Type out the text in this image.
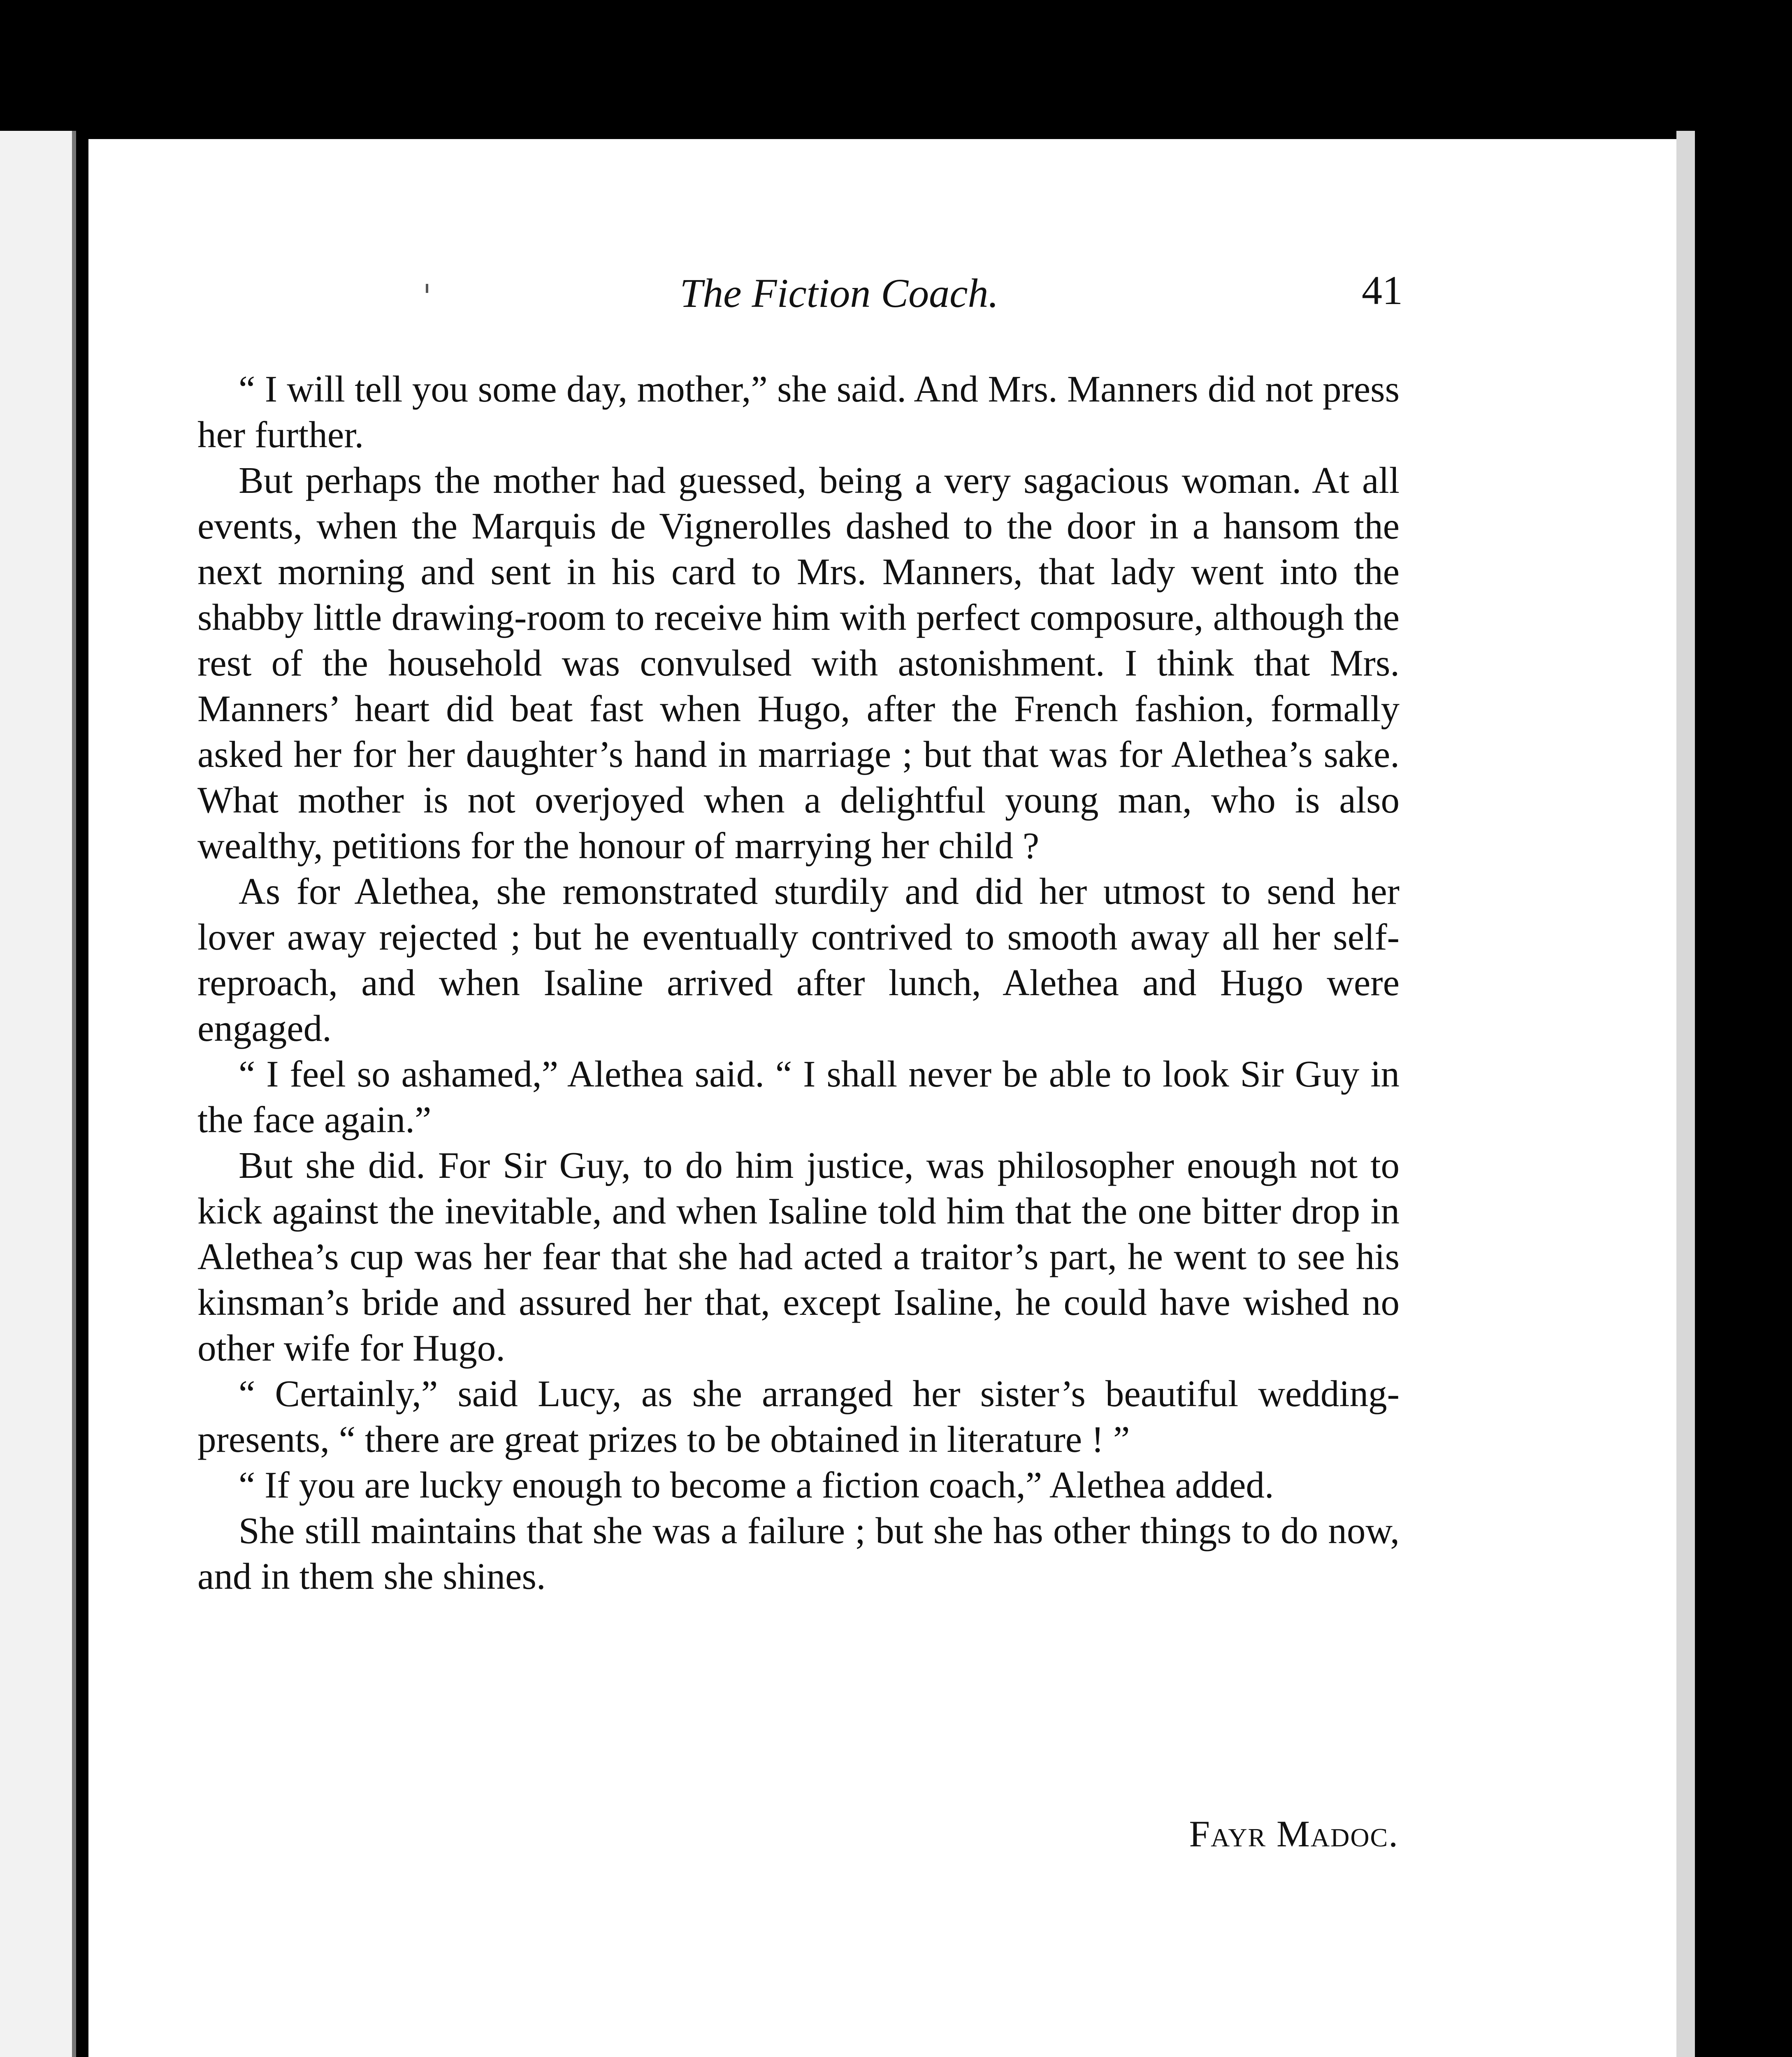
The Fiction Coach.	41

“ I will tell you some day, mother,” she said. And Mrs. Manners did not press her further.

But perhaps the mother had guessed, being a very sagacious woman. At all events, when the Marquis de Vignerolles dashed to the door in a hansom the next morning and sent in his card to Mrs. Manners, that lady went into the shabby little drawing-room to receive him with perfect composure, although the rest of the household was convulsed with astonishment. I think that Mrs. Manners’ heart did beat fast when Hugo, after the French fashion, formally asked her for her daughter’s hand in marriage ; but that was for Alethea’s sake. What mother is not overjoyed when a delightful young man, who is also wealthy, petitions for the honour of marrying her child ?

As for Alethea, she remonstrated sturdily and did her utmost to send her lover away rejected ; but he eventually contrived to smooth away all her self-reproach, and when Isaline arrived after lunch, Alethea and Hugo were engaged.

“ I feel so ashamed,” Alethea said. “ I shall never be able to look Sir Guy in the face again.”

But she did. For Sir Guy, to do him justice, was philosopher enough not to kick against the inevitable, and when Isaline told him that the one bitter drop in Alethea’s cup was her fear that she had acted a traitor’s part, he went to see his kinsman’s bride and assured her that, except Isaline, he could have wished no other wife for Hugo.

“ Certainly,” said Lucy, as she arranged her sister’s beautiful wedding-presents, “ there are great prizes to be obtained in literature ! ”

“ If you are lucky enough to become a fiction coach,” Alethea added.

She still maintains that she was a failure ; but she has other things to do now, and in them she shines.

Fayr Madoc.
